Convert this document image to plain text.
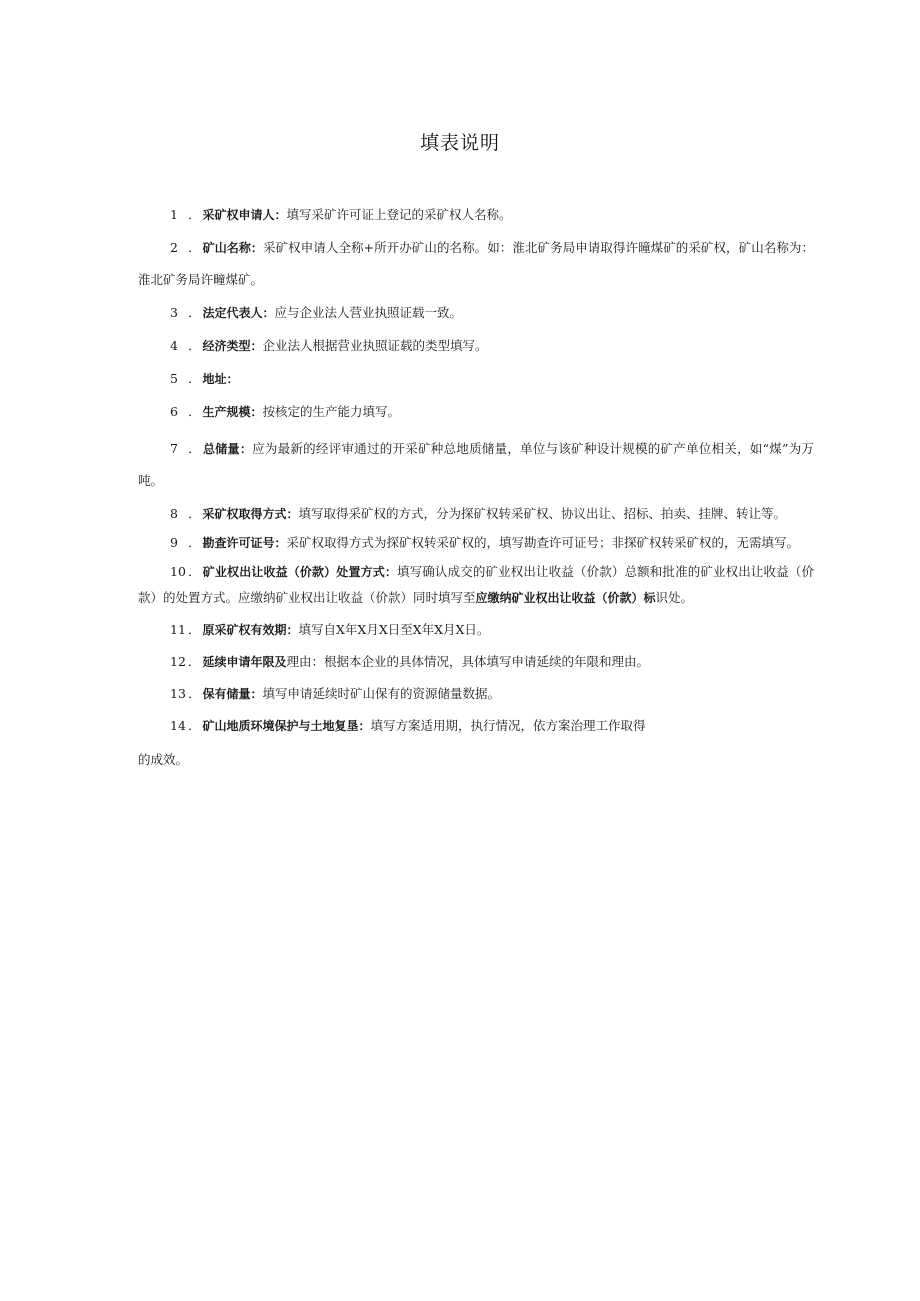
填表说明

1 ． 采矿权申请人：填写采矿许可证上登记的采矿权人名称。

2 ． 矿山名称：采矿权申请人全称+所开办矿山的名称。如：淮北矿务局申请取得许曈煤矿的采矿权，矿山名称为：淮北矿务局许疃煤矿。

3 ． 法定代表人：应与企业法人营业执照证载一致。

4 ． 经济类型：企业法人根据营业执照证载的类型填写。

5 ． 地址：

6 ． 生产规模：按核定的生产能力填写。

7 ． 总储量：应为最新的经评审通过的开采矿种总地质储量，单位与该矿种设计规模的矿产单位相关，如“煤”为万吨。

8 ． 采矿权取得方式：填写取得采矿权的方式，分为探矿权转采矿权、协议出让、招标、拍卖、挂牌、转让等。

9 ． 勘查许可证号：采矿权取得方式为探矿权转采矿权的，填写勘查许可证号；非探矿权转采矿权的，无需填写。

10 ． 矿业权出让收益（价款）处置方式：填写确认成交的矿业权出让收益（价款）总额和批准的矿业权出让收益（价款）的处置方式。应缴纳矿业权出让收益（价款）同时填写至应缴纳矿业权出让收益（价款）标识处。

11 ． 原采矿权有效期：填写自X年X月X日至X年X月X日。

12 ． 延续申请年限及理由：根据本企业的具体情况，具体填写申请延续的年限和理由。

13 ． 保有储量：填写申请延续时矿山保有的资源储量数据。

14 ． 矿山地质环境保护与土地复垦：填写方案适用期，执行情况，依方案治理工作取得

的成效。
